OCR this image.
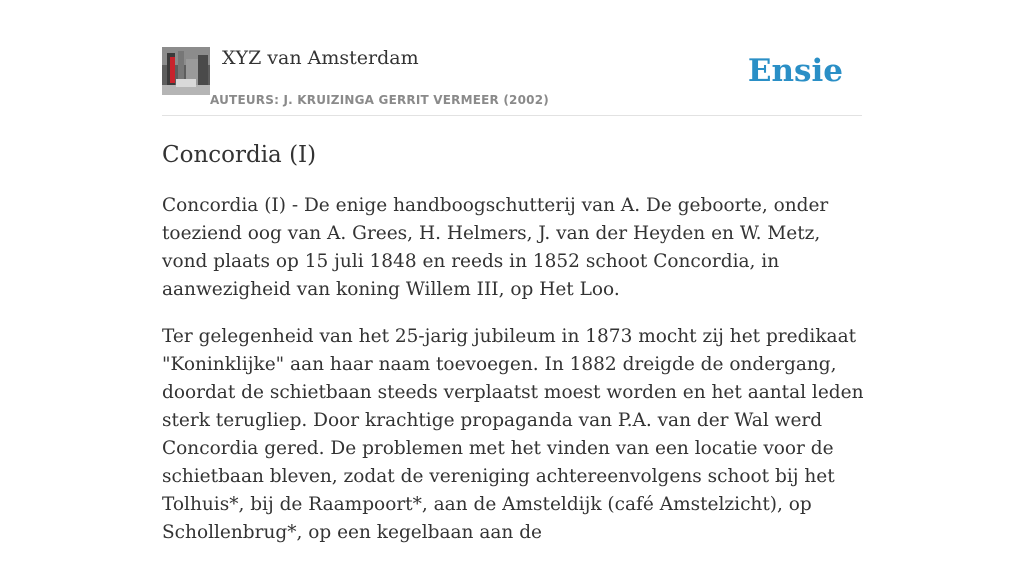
XYZ van Amsterdam
AUTEURS: J. KRUIZINGA GERRIT VERMEER (2002)
Ensie
Concordia (I)

Concordia (I) - De enige handboogschutterij van A. De geboorte, onder toeziend oog van A. Grees, H. Helmers, J. van der Heyden en W. Metz, vond plaats op 15 juli 1848 en reeds in 1852 schoot Concordia, in aanwezigheid van koning Willem III, op Het Loo.

Ter gelegenheid van het 25-jarig jubileum in 1873 mocht zij het predikaat "Koninklijke" aan haar naam toevoegen. In 1882 dreigde de ondergang, doordat de schietbaan steeds verplaatst moest worden en het aantal leden sterk terugliep. Door krachtige propaganda van P.A. van der Wal werd Concordia gered. De problemen met het vinden van een locatie voor de schietbaan bleven, zodat de vereniging achtereenvolgens schoot bij het Tolhuis*, bij de Raampoort*, aan de Amsteldijk (café Amstelzicht), op Schollenbrug*, op een kegelbaan aan de
